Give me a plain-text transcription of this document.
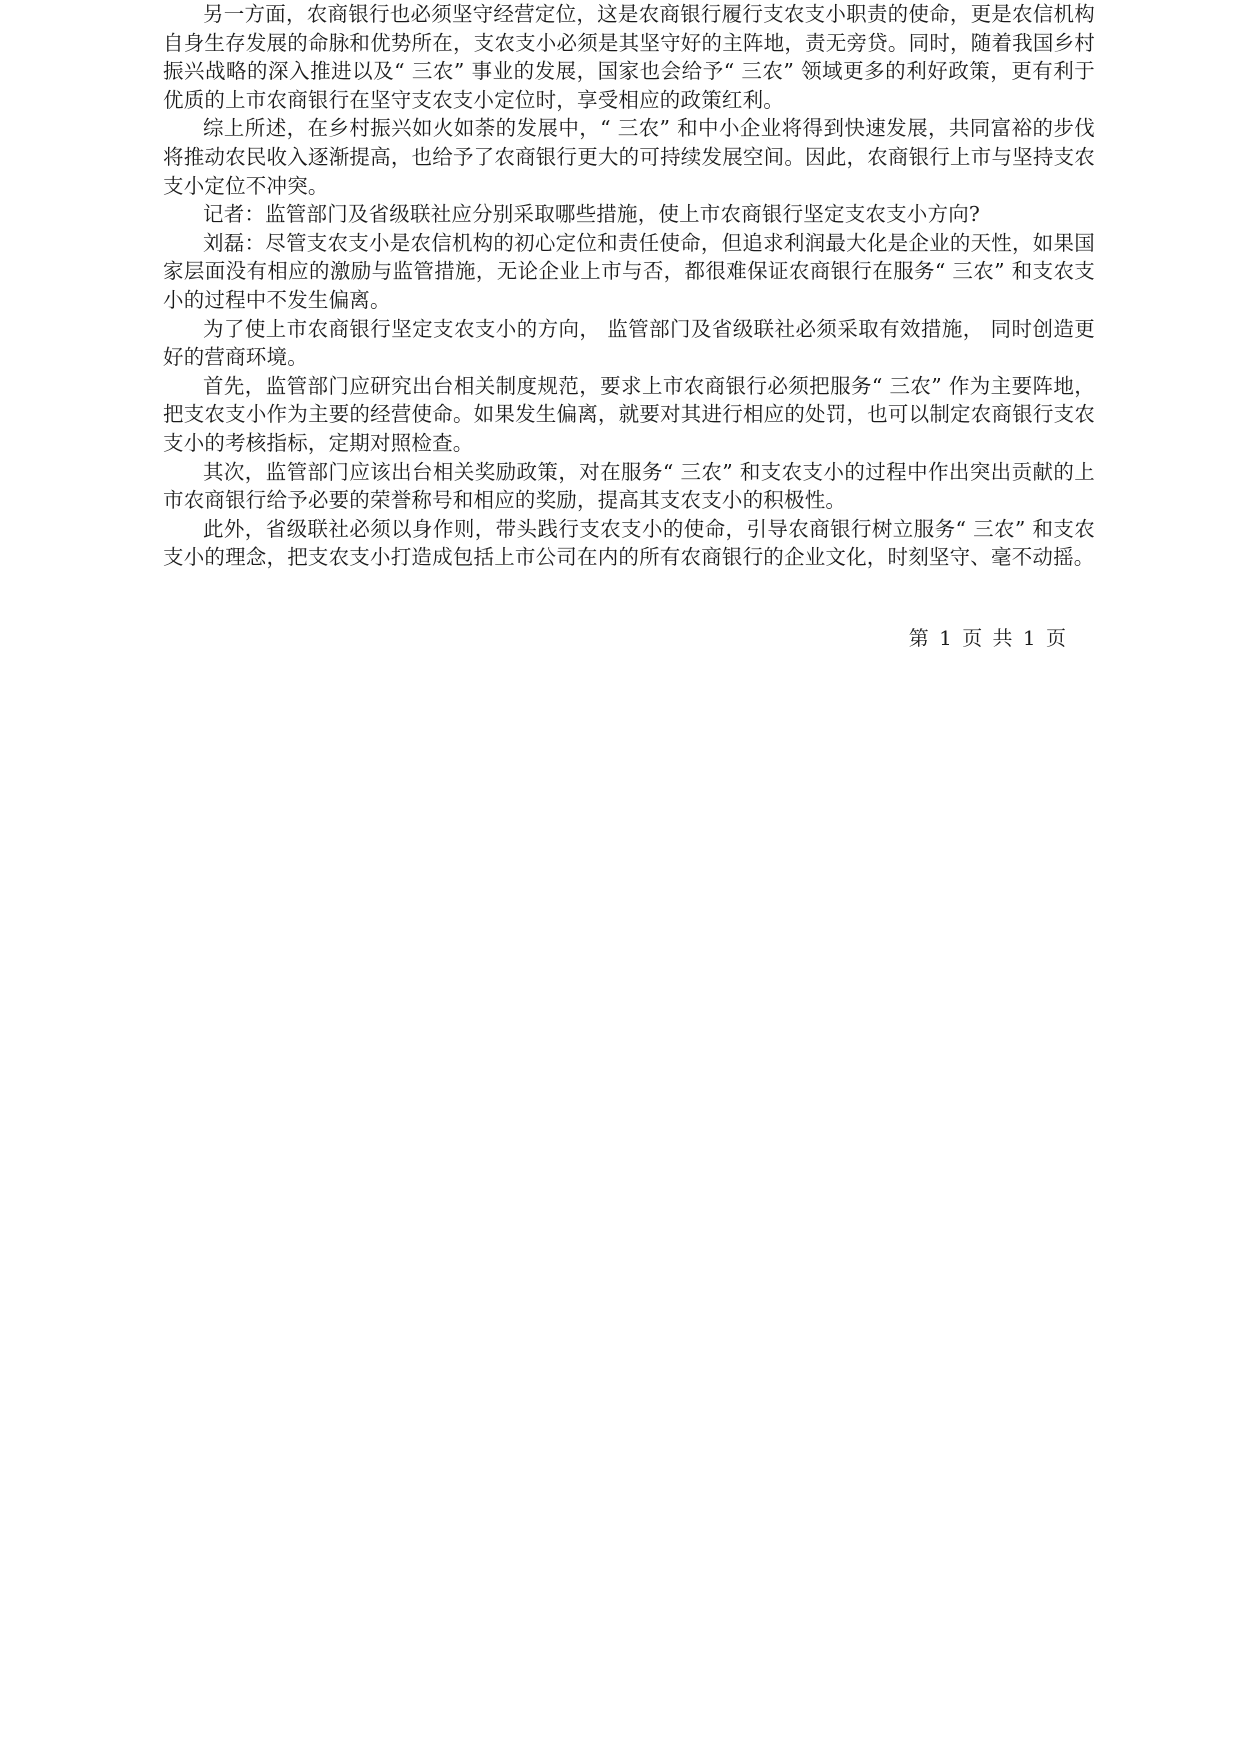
另一方面，农商银行也必须坚守经营定位，这是农商银行履行支农支小职责的使命，更是农信机构自身生存发展的命脉和优势所在，支农支小必须是其坚守好的主阵地，责无旁贷。同时，随着我国乡村振兴战略的深入推进以及“ 三农” 事业的发展，国家也会给予“ 三农” 领域更多的利好政策，更有利于优质的上市农商银行在坚守支农支小定位时，享受相应的政策红利。

综上所述，在乡村振兴如火如荼的发展中，“ 三农” 和中小企业将得到快速发展，共同富裕的步伐将推动农民收入逐渐提高，也给予了农商银行更大的可持续发展空间。因此，农商银行上市与坚持支农支小定位不冲突。

记者：监管部门及省级联社应分别采取哪些措施，使上市农商银行坚定支农支小方向?

刘磊：尽管支农支小是农信机构的初心定位和责任使命，但追求利润最大化是企业的天性，如果国家层面没有相应的激励与监管措施，无论企业上市与否，都很难保证农商银行在服务“ 三农” 和支农支小的过程中不发生偏离。

为了使上市农商银行坚定支农支小的方向， 监管部门及省级联社必须采取有效措施， 同时创造更好的营商环境。

首先，监管部门应研究出台相关制度规范，要求上市农商银行必须把服务“ 三农” 作为主要阵地，把支农支小作为主要的经营使命。如果发生偏离，就要对其进行相应的处罚，也可以制定农商银行支农支小的考核指标，定期对照检查。

其次，监管部门应该出台相关奖励政策，对在服务“ 三农” 和支农支小的过程中作出突出贡献的上市农商银行给予必要的荣誉称号和相应的奖励，提高其支农支小的积极性。

此外，省级联社必须以身作则，带头践行支农支小的使命，引导农商银行树立服务“ 三农” 和支农支小的理念，把支农支小打造成包括上市公司在内的所有农商银行的企业文化，时刻坚守、毫不动摇。

第 1 页 共 1 页
